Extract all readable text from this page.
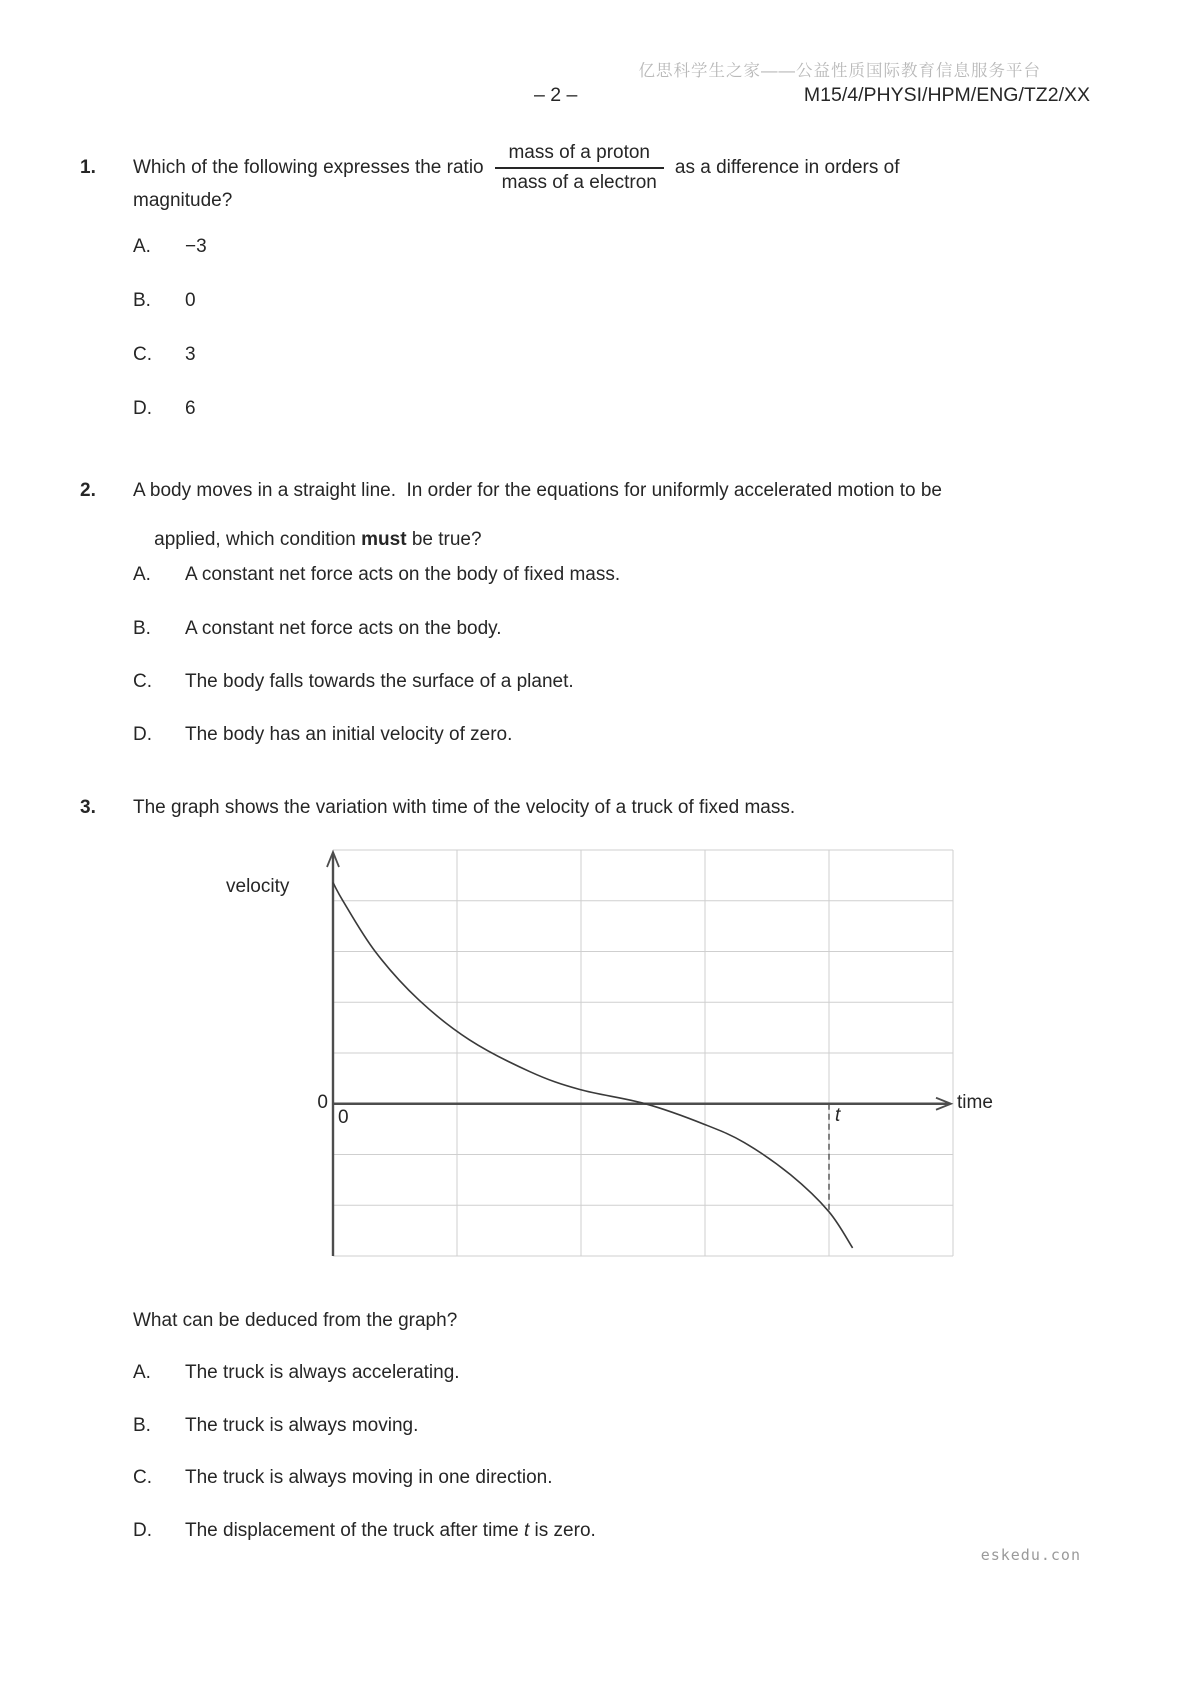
亿思科学生之家——公益性质国际教育信息服务平台
– 2 –	M15/4/PHYSI/HPM/ENG/TZ2/XX
1.	Which of the following expresses the ratio $\frac{\text{mass of a proton}}{\text{mass of a electron}}$ as a difference in orders of
magnitude?
A.	−3
B.	0
C.	3
D.	6
2.	A body moves in a straight line.  In order for the equations for uniformly accelerated motion to be

applied, which condition must be true?

A.	A constant net force acts on the body of fixed mass.
B.	A constant net force acts on the body.
C.	The body falls towards the surface of a planet.
D.	The body has an initial velocity of zero.
3.	The graph shows the variation with time of the velocity of a truck of fixed mass.
velocity
0
0	t
time
What can be deduced from the graph?
A.	The truck is always accelerating.
B.	The truck is always moving.
C.	The truck is always moving in one direction.
D.	The displacement of the truck after time t is zero.
eskedu.con
